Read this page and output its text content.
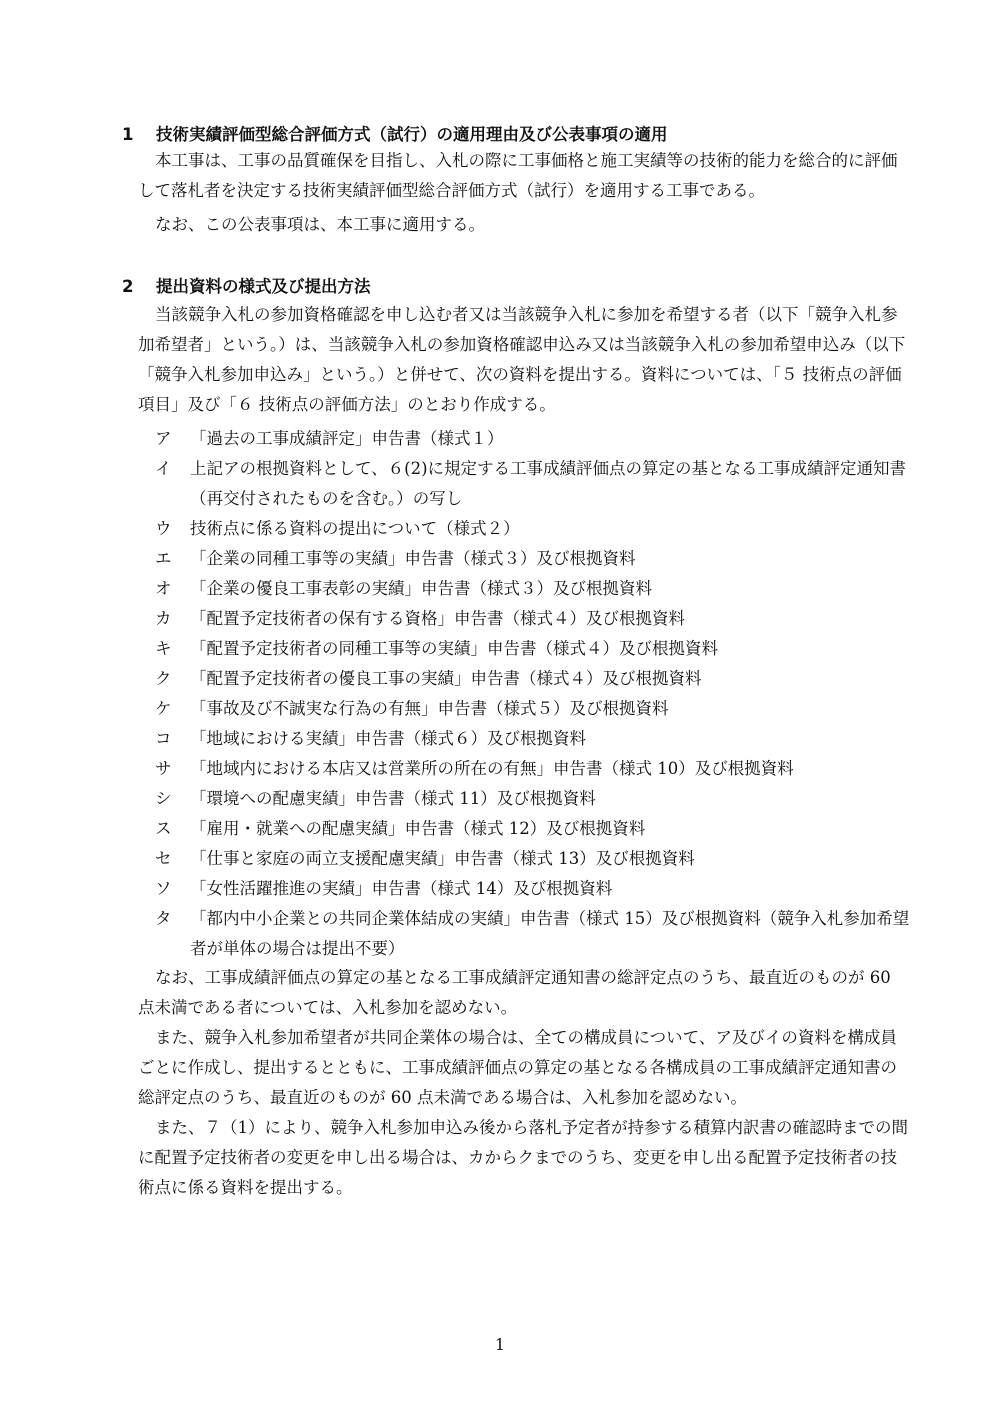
1 技術実績評価型総合評価方式（試行）の適用理由及び公表事項の適用

本工事は、工事の品質確保を目指し、入札の際に工事価格と施工実績等の技術的能力を総合的に評価して落札者を決定する技術実績評価型総合評価方式（試行）を適用する工事である。

なお、この公表事項は、本工事に適用する。

2 提出資料の様式及び提出方法

当該競争入札の参加資格確認を申し込む者又は当該競争入札に参加を希望する者（以下「競争入札参加希望者」という。）は、当該競争入札の参加資格確認申込み又は当該競争入札の参加希望申込み（以下「競争入札参加申込み」という。）と併せて、次の資料を提出する。資料については、「５ 技術点の評価項目」及び「６ 技術点の評価方法」のとおり作成する。

ア 「過去の工事成績評定」申告書（様式１）
イ 上記アの根拠資料として、６(2)に規定する工事成績評価点の算定の基となる工事成績評定通知書（再交付されたものを含む。）の写し
ウ 技術点に係る資料の提出について（様式２）
エ 「企業の同種工事等の実績」申告書（様式３）及び根拠資料
オ 「企業の優良工事表彰の実績」申告書（様式３）及び根拠資料
カ 「配置予定技術者の保有する資格」申告書（様式４）及び根拠資料
キ 「配置予定技術者の同種工事等の実績」申告書（様式４）及び根拠資料
ク 「配置予定技術者の優良工事の実績」申告書（様式４）及び根拠資料
ケ 「事故及び不誠実な行為の有無」申告書（様式５）及び根拠資料
コ 「地域における実績」申告書（様式６）及び根拠資料
サ 「地域内における本店又は営業所の所在の有無」申告書（様式 10）及び根拠資料
シ 「環境への配慮実績」申告書（様式 11）及び根拠資料
ス 「雇用・就業への配慮実績」申告書（様式 12）及び根拠資料
セ 「仕事と家庭の両立支援配慮実績」申告書（様式 13）及び根拠資料
ソ 「女性活躍推進の実績」申告書（様式 14）及び根拠資料
タ 「都内中小企業との共同企業体結成の実績」申告書（様式 15）及び根拠資料（競争入札参加希望者が単体の場合は提出不要）

なお、工事成績評価点の算定の基となる工事成績評定通知書の総評定点のうち、最直近のものが 60 点未満である者については、入札参加を認めない。

また、競争入札参加希望者が共同企業体の場合は、全ての構成員について、ア及びイの資料を構成員ごとに作成し、提出するとともに、工事成績評価点の算定の基となる各構成員の工事成績評定通知書の総評定点のうち、最直近のものが 60 点未満である場合は、入札参加を認めない。

また、７（1）により、競争入札参加申込み後から落札予定者が持参する積算内訳書の確認時までの間に配置予定技術者の変更を申し出る場合は、カからクまでのうち、変更を申し出る配置予定技術者の技術点に係る資料を提出する。

1
